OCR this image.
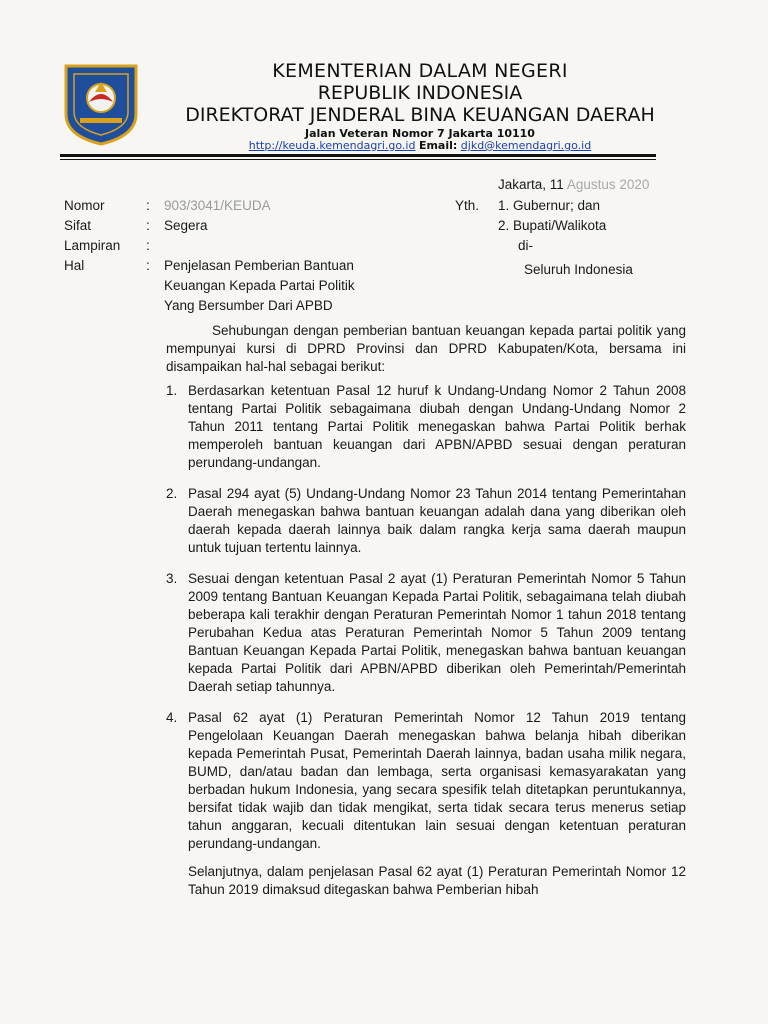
KEMENTERIAN DALAM NEGERI
REPUBLIK INDONESIA
DIREKTORAT JENDERAL BINA KEUANGAN DAERAH
Jalan Veteran Nomor 7 Jakarta 10110
http://keuda.kemendagri.go.id Email: djkd@kemendagri.go.id
Jakarta, 11 Agustus 2020
Nomor	:	903/3041/KEUDA
Sifat	:	Segera
Lampiran	:
Hal	:	Penjelasan Pemberian Bantuan
Keuangan Kepada Partai Politik
Yang Bersumber Dari APBD
Yth. 1. Gubernur; dan
2. Bupati/Walikota
di-
Seluruh Indonesia

Sehubungan dengan pemberian bantuan keuangan kepada partai politik yang mempunyai kursi di DPRD Provinsi dan DPRD Kabupaten/Kota, bersama ini disampaikan hal-hal sebagai berikut:

1. Berdasarkan ketentuan Pasal 12 huruf k Undang-Undang Nomor 2 Tahun 2008 tentang Partai Politik sebagaimana diubah dengan Undang-Undang Nomor 2 Tahun 2011 tentang Partai Politik menegaskan bahwa Partai Politik berhak memperoleh bantuan keuangan dari APBN/APBD sesuai dengan peraturan perundang-undangan.
2. Pasal 294 ayat (5) Undang-Undang Nomor 23 Tahun 2014 tentang Pemerintahan Daerah menegaskan bahwa bantuan keuangan adalah dana yang diberikan oleh daerah kepada daerah lainnya baik dalam rangka kerja sama daerah maupun untuk tujuan tertentu lainnya.
3. Sesuai dengan ketentuan Pasal 2 ayat (1) Peraturan Pemerintah Nomor 5 Tahun 2009 tentang Bantuan Keuangan Kepada Partai Politik, sebagaimana telah diubah beberapa kali terakhir dengan Peraturan Pemerintah Nomor 1 tahun 2018 tentang Perubahan Kedua atas Peraturan Pemerintah Nomor 5 Tahun 2009 tentang Bantuan Keuangan Kepada Partai Politik, menegaskan bahwa bantuan keuangan kepada Partai Politik dari APBN/APBD diberikan oleh Pemerintah/Pemerintah Daerah setiap tahunnya.
4. Pasal 62 ayat (1) Peraturan Pemerintah Nomor 12 Tahun 2019 tentang Pengelolaan Keuangan Daerah menegaskan bahwa belanja hibah diberikan kepada Pemerintah Pusat, Pemerintah Daerah lainnya, badan usaha milik negara, BUMD, dan/atau badan dan lembaga, serta organisasi kemasyarakatan yang berbadan hukum Indonesia, yang secara spesifik telah ditetapkan peruntukannya, bersifat tidak wajib dan tidak mengikat, serta tidak secara terus menerus setiap tahun anggaran, kecuali ditentukan lain sesuai dengan ketentuan peraturan perundang-undangan.

Selanjutnya, dalam penjelasan Pasal 62 ayat (1) Peraturan Pemerintah Nomor 12 Tahun 2019 dimaksud ditegaskan bahwa Pemberian hibah
